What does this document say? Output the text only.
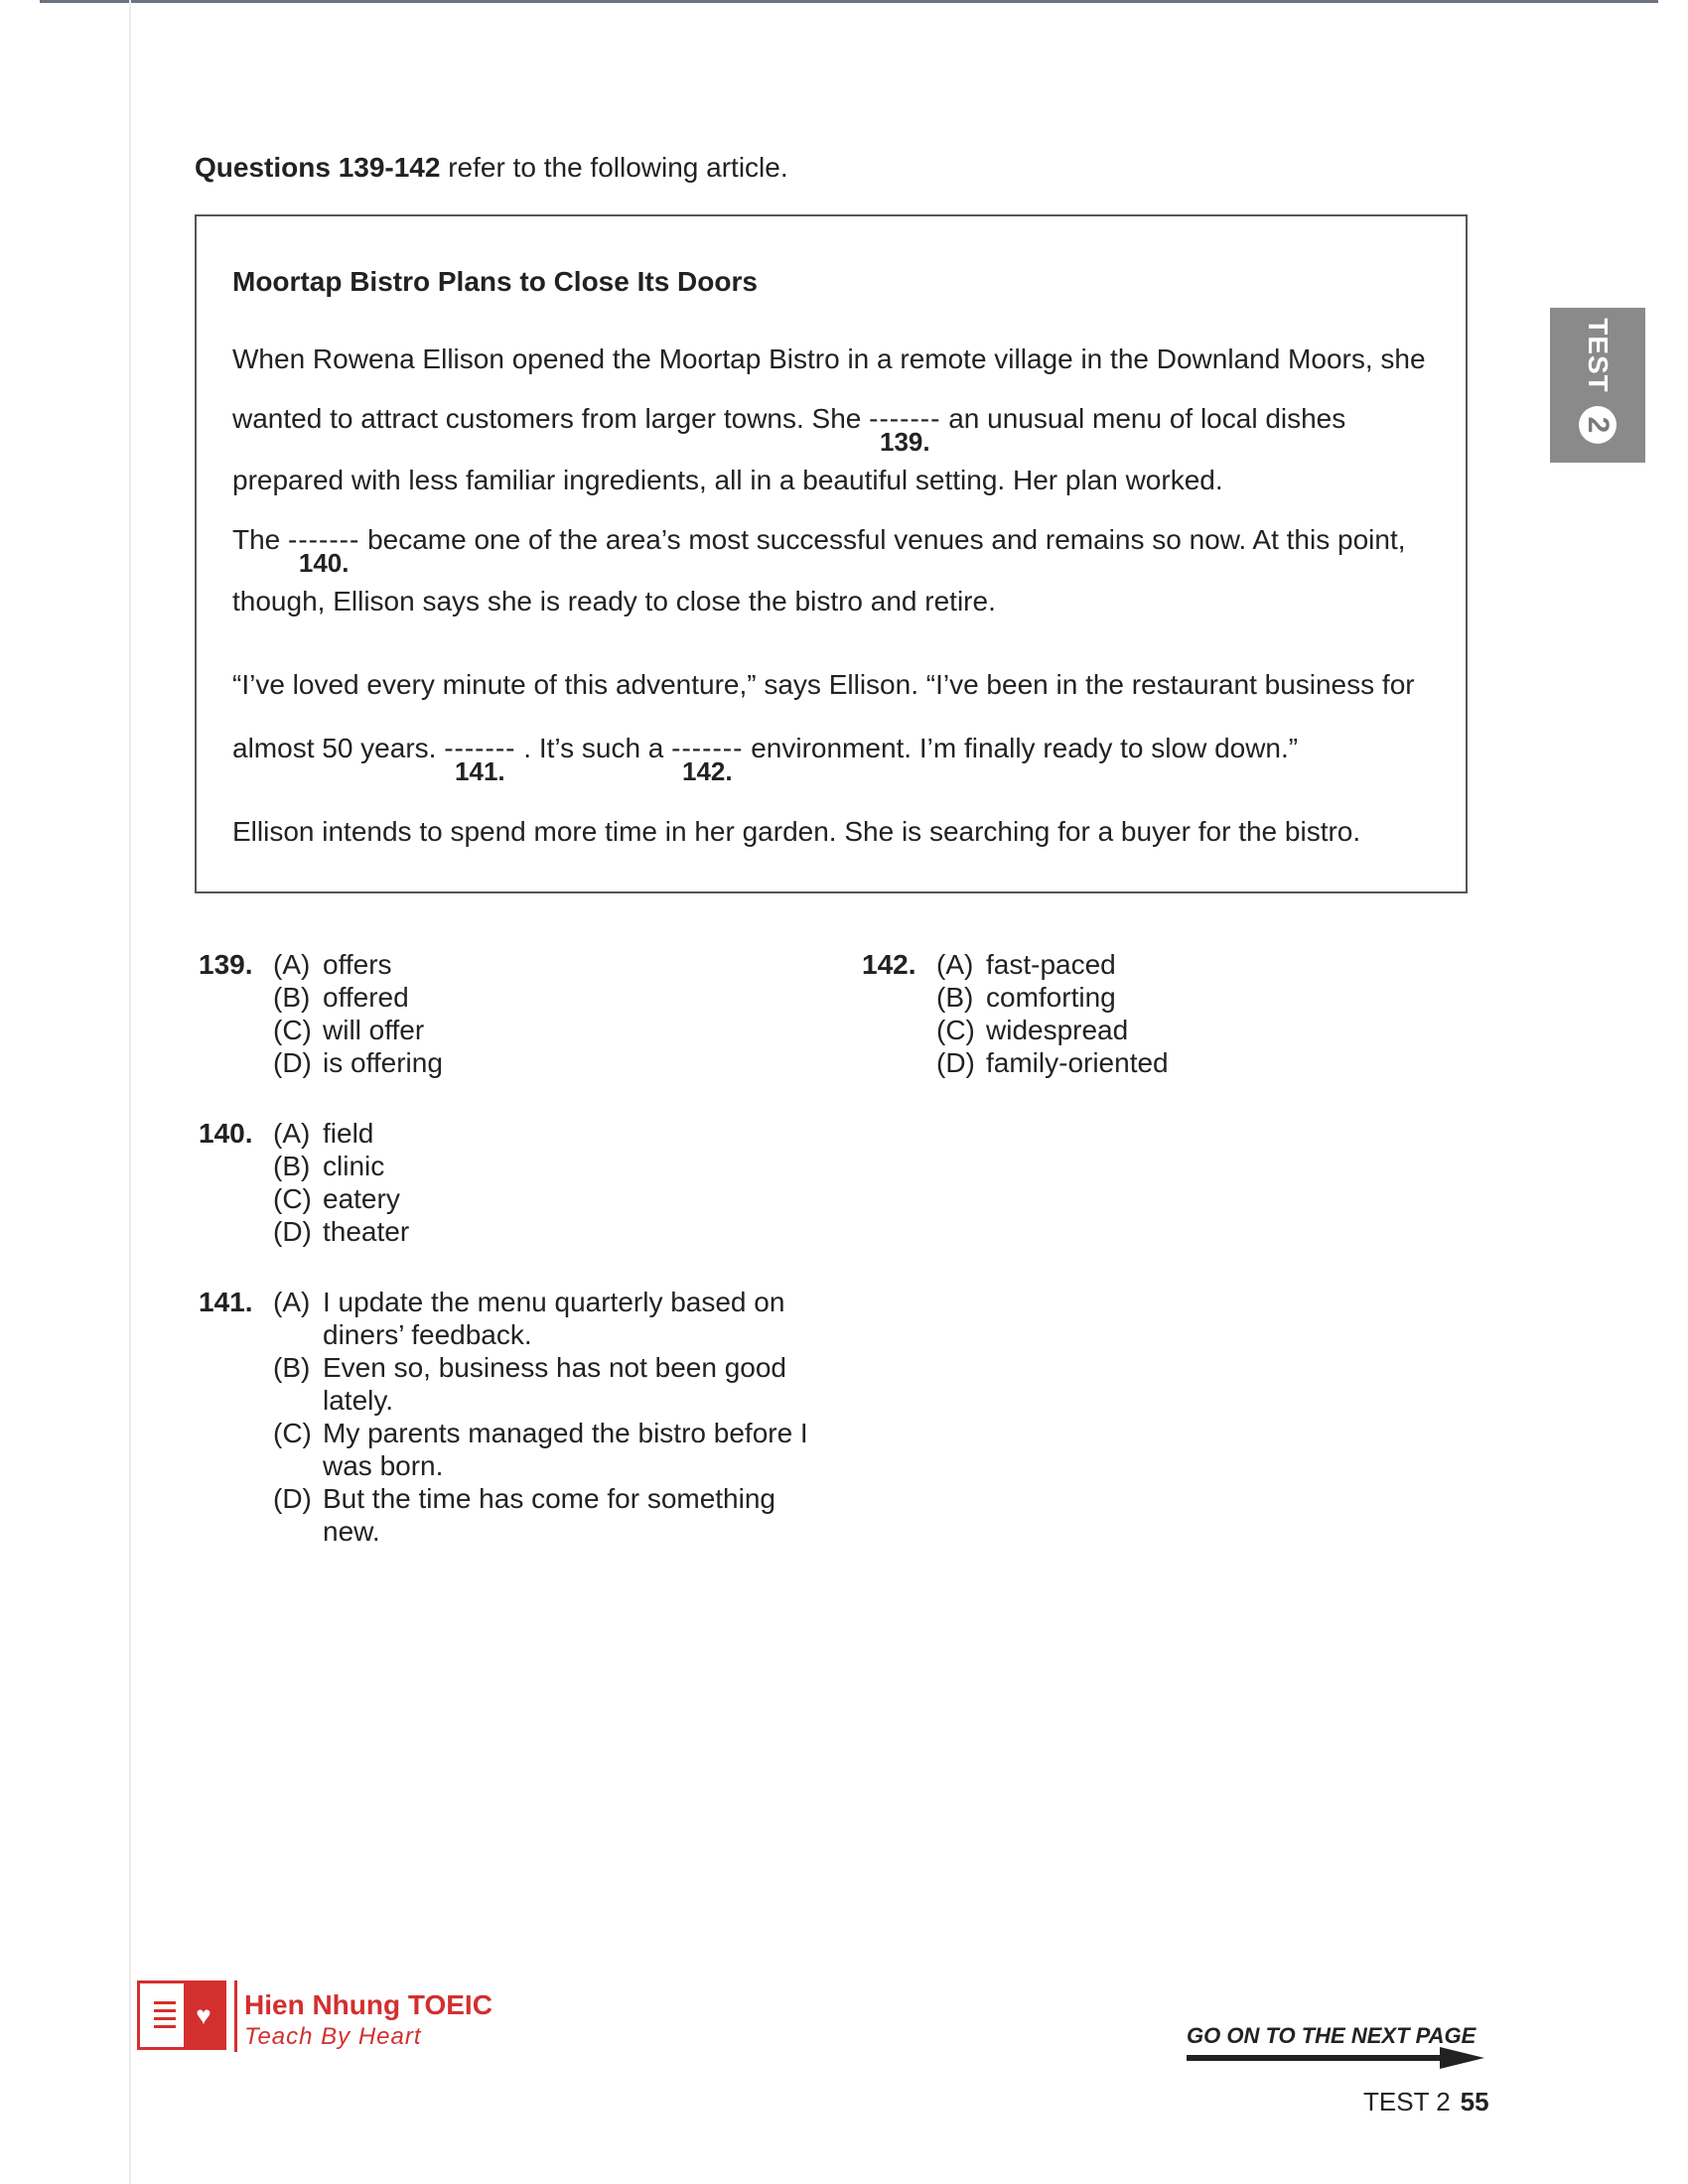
Questions 139-142 refer to the following article.
Moortap Bistro Plans to Close Its Doors
When Rowena Ellison opened the Moortap Bistro in a remote village in the Downland Moors, she
wanted to attract customers from larger towns. She -------
139.
an unusual menu of local dishes
prepared with less familiar ingredients, all in a beautiful setting. Her plan worked.
The -------
140.
became one of the area’s most successful venues and remains so now. At this point,
though, Ellison says she is ready to close the bistro and retire.
“I’ve loved every minute of this adventure,” says Ellison. “I’ve been in the restaurant business for
almost 50 years. -------
141.
. It’s such a -------
142.
environment. I’m finally ready to slow down.”
Ellison intends to spend more time in her garden. She is searching for a buyer for the bistro.
139. (A) offers
(B) offered
(C) will offer
(D) is offering
140. (A) field
(B) clinic
(C) eatery
(D) theater
141. (A) I update the menu quarterly based on
diners’ feedback.
(B) Even so, business has not been good
lately.
(C) My parents managed the bistro before I
was born.
(D) But the time has come for something
new.
142. (A) fast-paced
(B) comforting
(C) widespread
(D) family-oriented
TEST
2
♥	Hien Nhung TOEIC
Teach By Heart	GO ON TO THE NEXT PAGE
TEST 2 55
